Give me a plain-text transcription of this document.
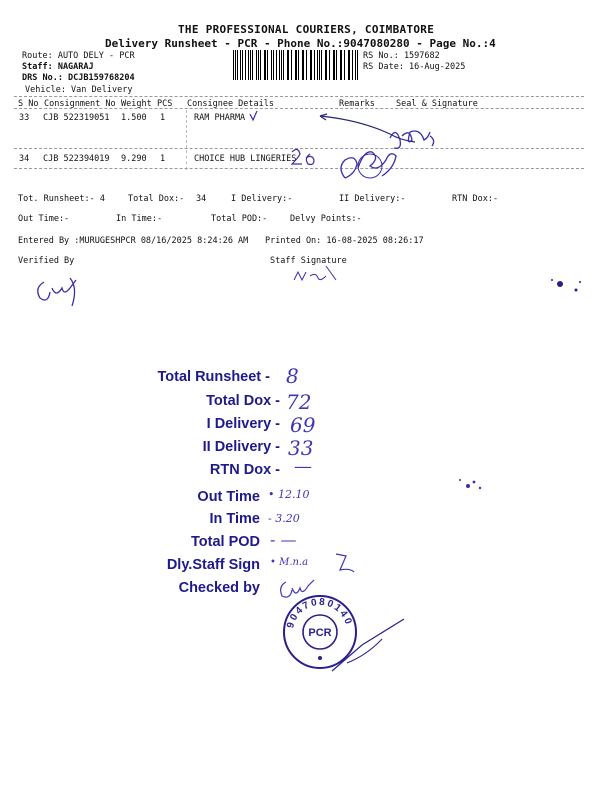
THE PROFESSIONAL COURIERS, COIMBATORE
Delivery Runsheet - PCR - Phone No.:9047080280 - Page No.:4
Route: AUTO DELY - PCR
Staff: NAGARAJ
DRS No.: DCJB159768204
Vehicle: Van Delivery
RS No.: 1597682
RS Date: 16-Aug-2025
S No Consignment No Weight PCS Consignee Details	Remarks Seal & Signature
33 CJB 522319051 1.500 1	RAM PHARMA
34 CJB 522394019 9.290 1	CHOICE HUB LINGERIES
Tot. Runsheet:- 4	Total Dox:- 34	I Delivery:-	II Delivery:-	RTN Dox:-
Out Time:-	In Time:-	Total POD:-	Delvy Points:-
Entered By :MURUGESHPCR 08/16/2025 8:24:26 AM Printed On: 16-08-2025 08:26:17
Verified By	Staff Signature
Total Runsheet - 8
Total Dox - 72
I Delivery - 69
II Delivery - 33
RTN Dox - —
Out Time • 12.10
In Time - 3.20
Total POD - —
Dly.Staff Sign • M.n.a
Checked by
PCR
9047080140
